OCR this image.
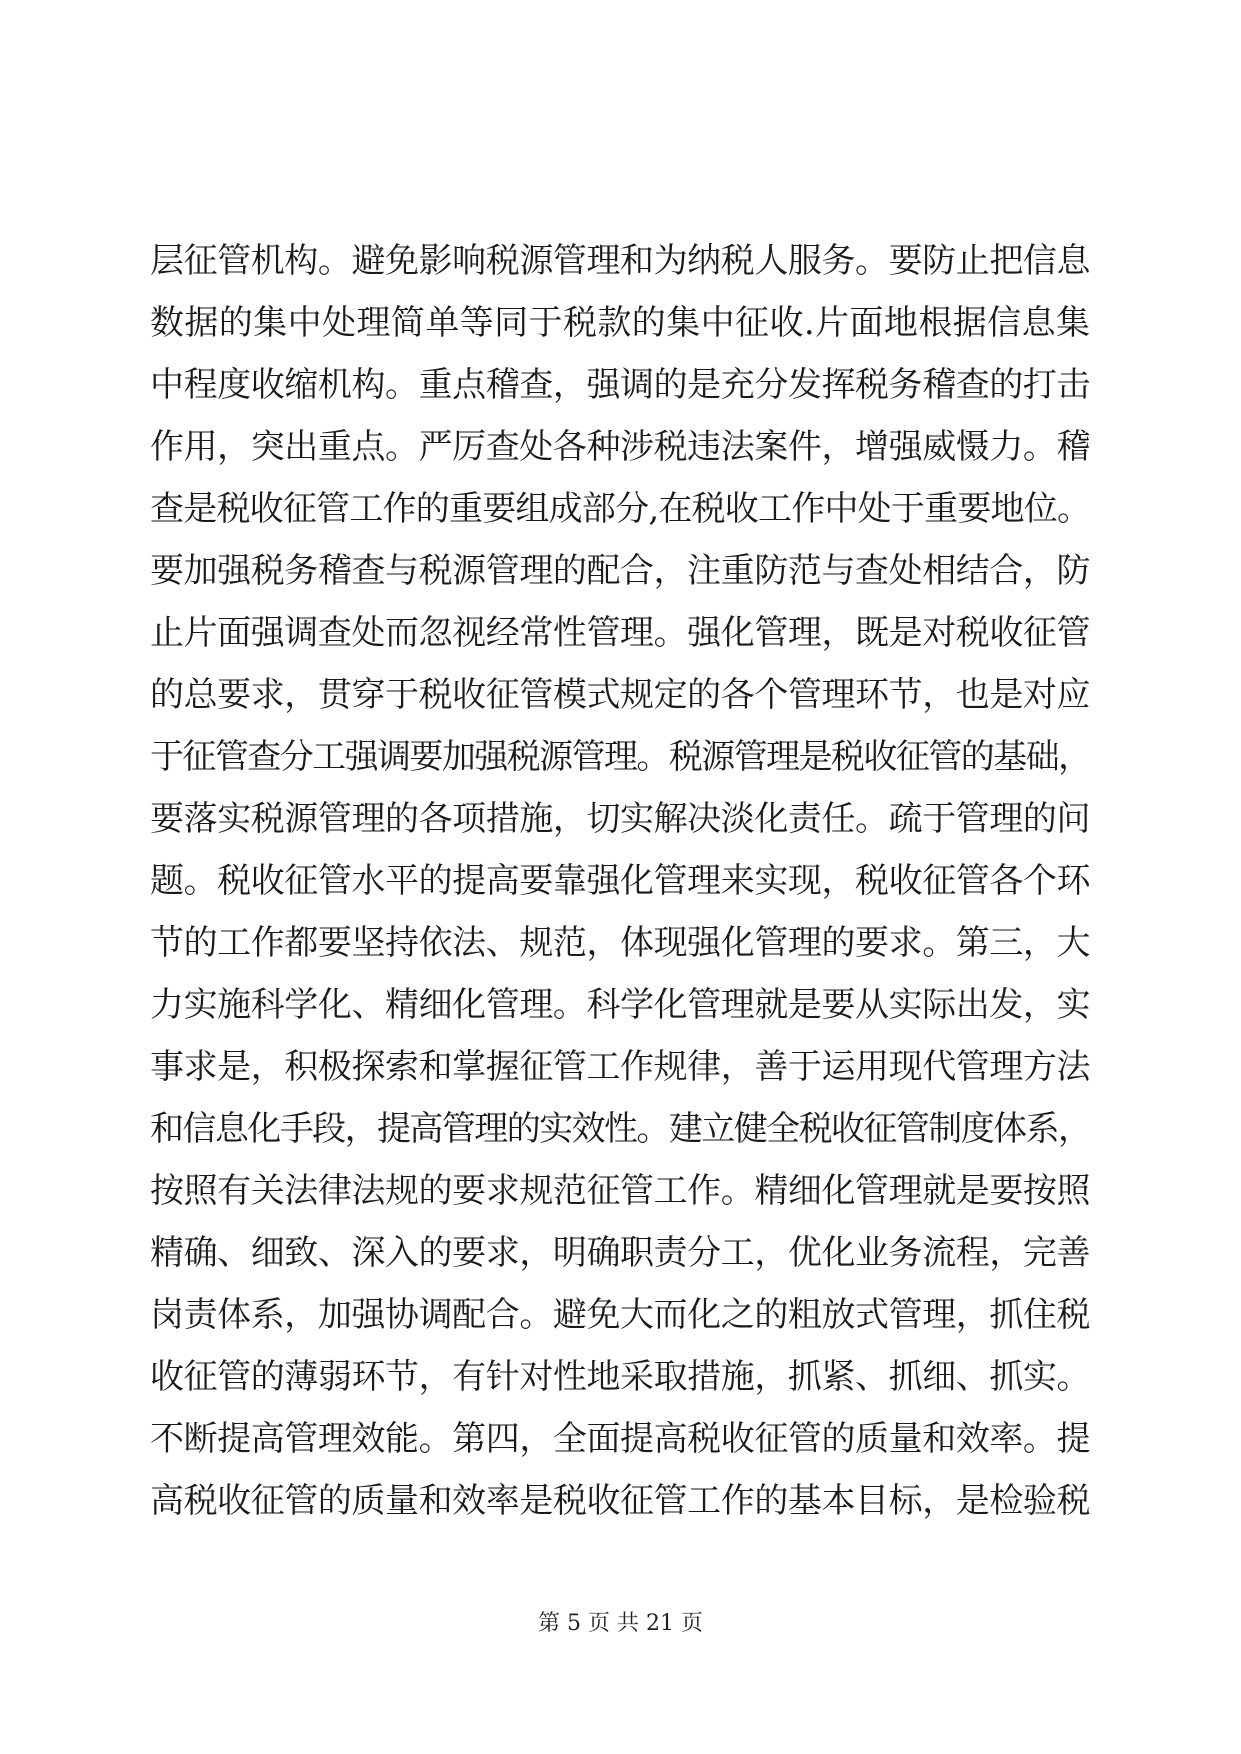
层征管机构。避免影响税源管理和为纳税人服务。要防止把信息
数据的集中处理简单等同于税款的集中征收.片面地根据信息集
中程度收缩机构。重点稽查，强调的是充分发挥税务稽查的打击
作用，突出重点。严厉查处各种涉税违法案件，增强威慑力。稽
查是税收征管工作的重要组成部分,在税收工作中处于重要地位。
要加强税务稽查与税源管理的配合，注重防范与查处相结合，防
止片面强调查处而忽视经常性管理。强化管理，既是对税收征管
的总要求，贯穿于税收征管模式规定的各个管理环节，也是对应
于征管查分工强调要加强税源管理。税源管理是税收征管的基础，
要落实税源管理的各项措施，切实解决淡化责任。疏于管理的问
题。税收征管水平的提高要靠强化管理来实现，税收征管各个环
节的工作都要坚持依法、规范，体现强化管理的要求。第三，大
力实施科学化、精细化管理。科学化管理就是要从实际出发，实
事求是，积极探索和掌握征管工作规律，善于运用现代管理方法
和信息化手段，提高管理的实效性。建立健全税收征管制度体系，
按照有关法律法规的要求规范征管工作。精细化管理就是要按照
精确、细致、深入的要求，明确职责分工，优化业务流程，完善
岗责体系，加强协调配合。避免大而化之的粗放式管理，抓住税
收征管的薄弱环节，有针对性地采取措施，抓紧、抓细、抓实。
不断提高管理效能。第四，全面提高税收征管的质量和效率。提
高税收征管的质量和效率是税收征管工作的基本目标，是检验税
第 5 页 共 21 页
